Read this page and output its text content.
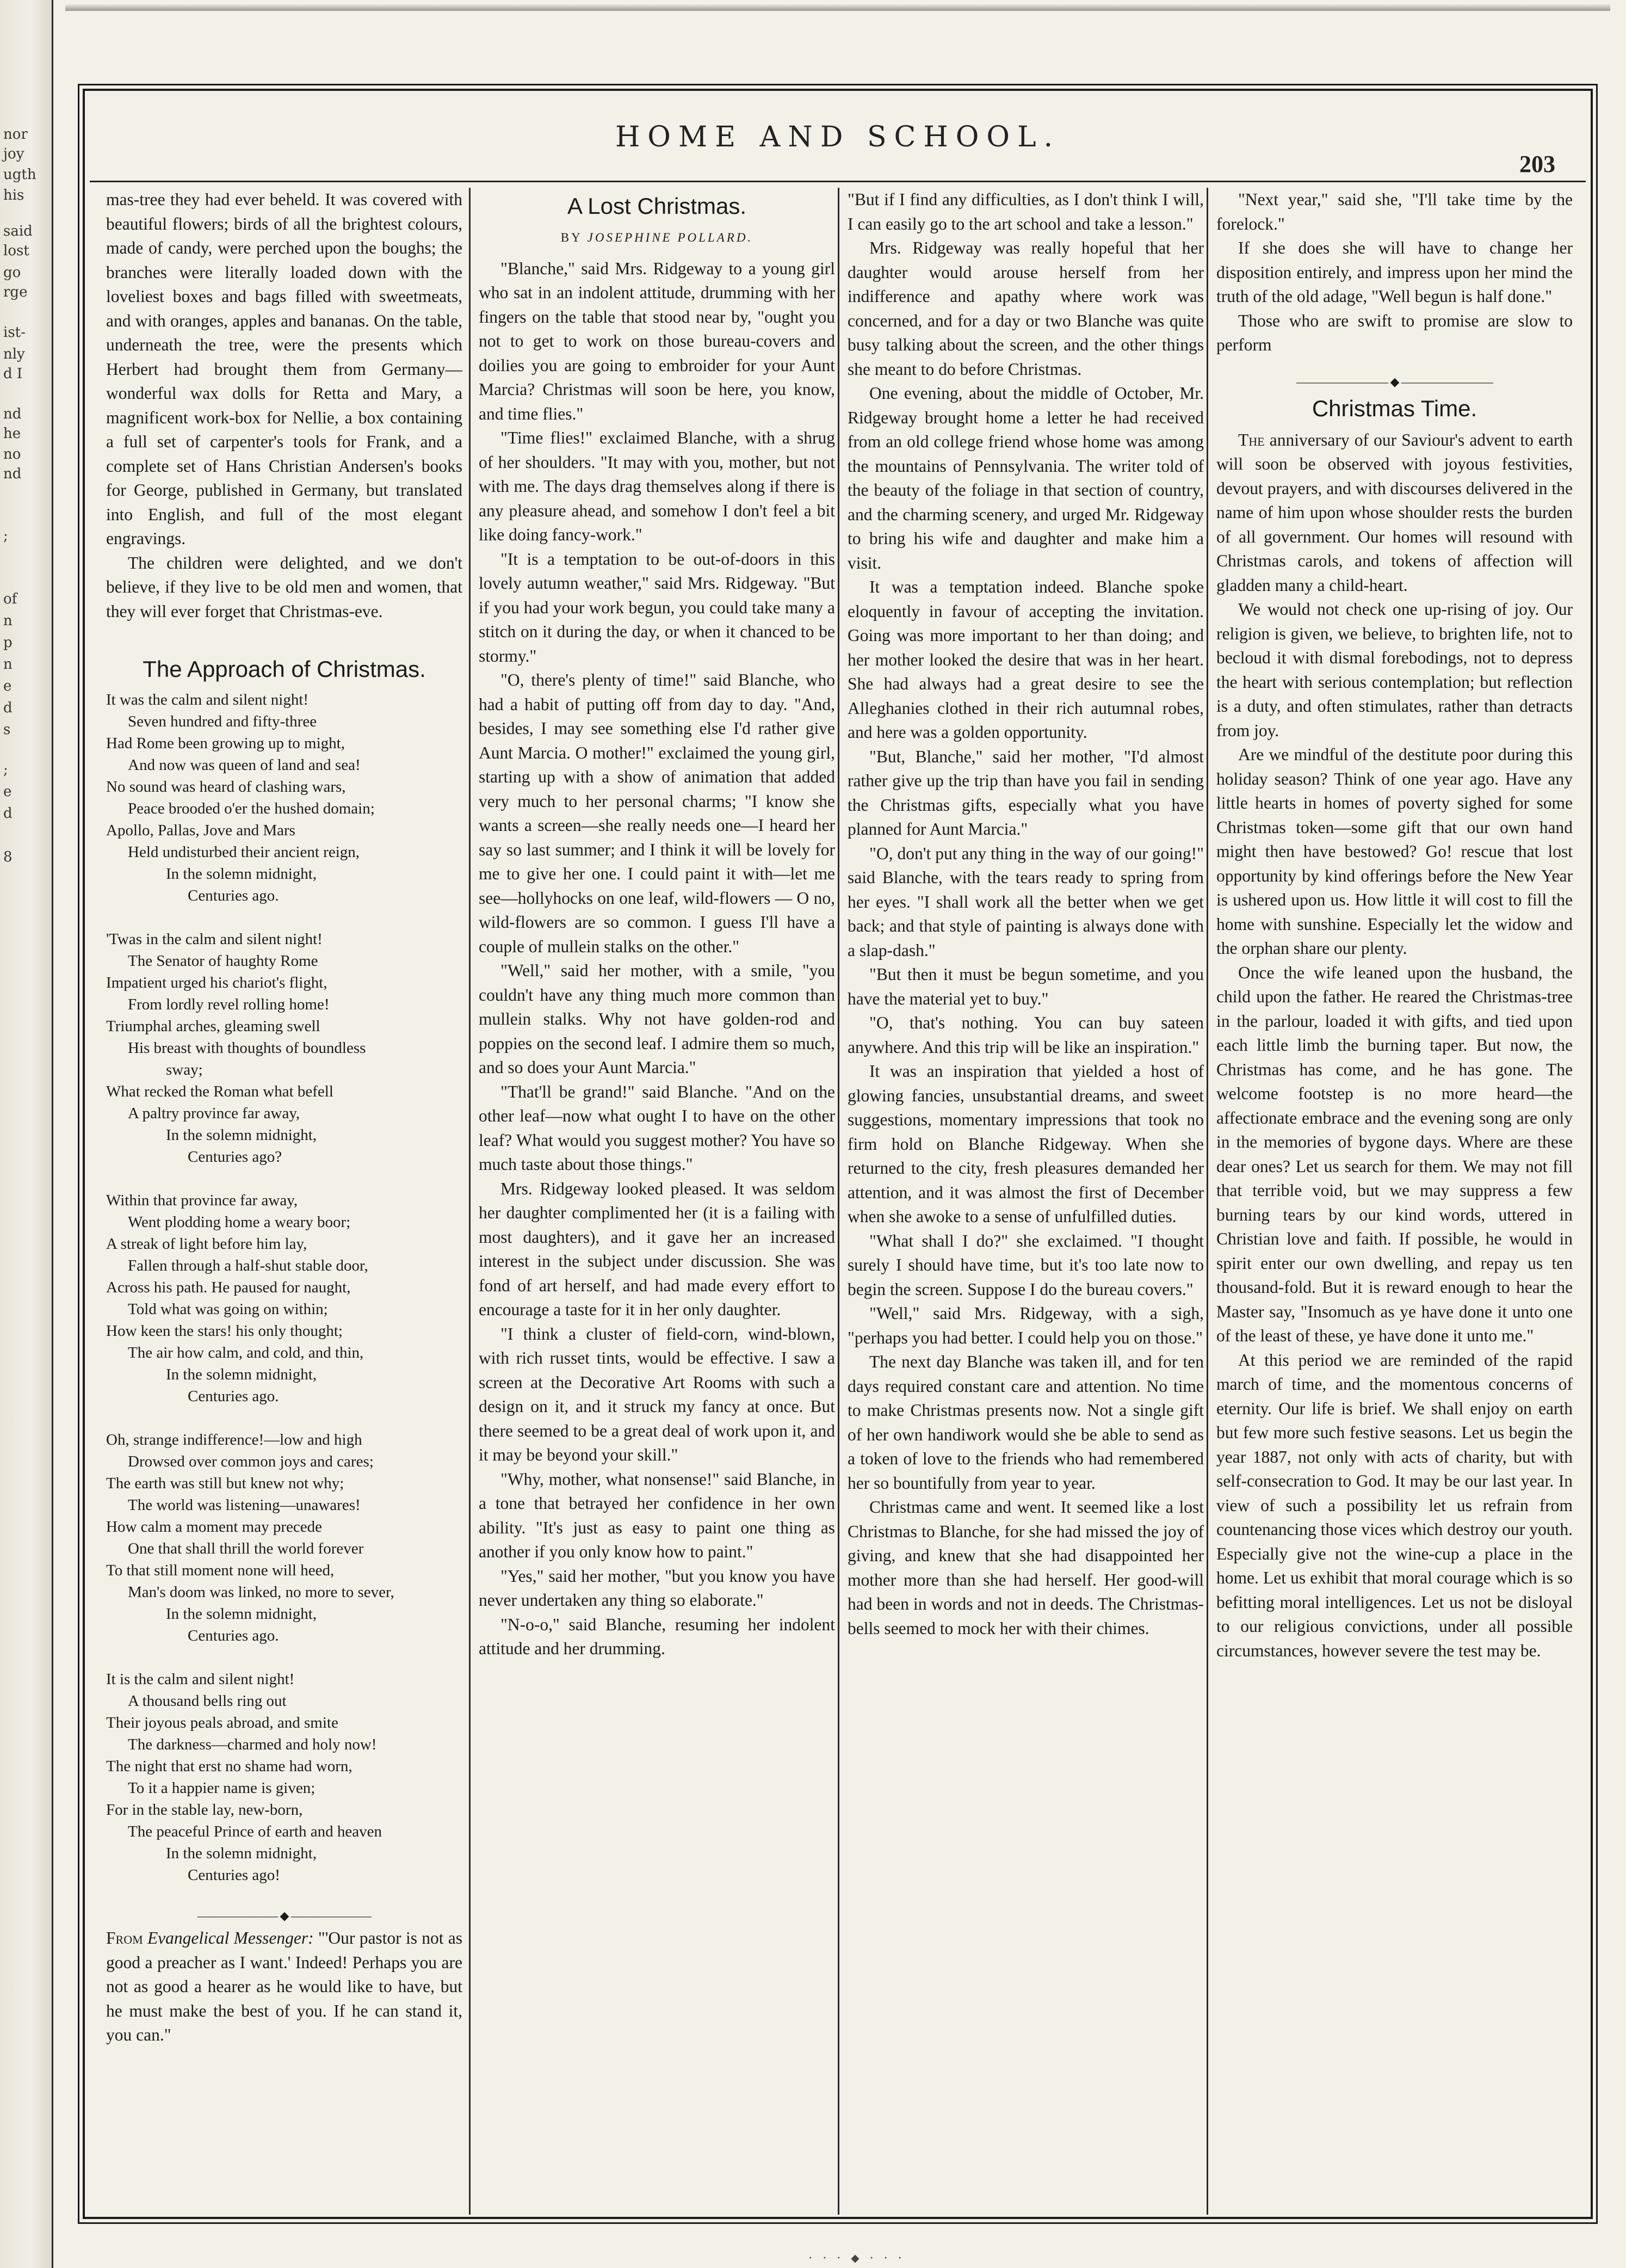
nor
joy
ugth
his
said
lost
go
rge
ist-
nly
d I
nd
he
no
nd
;
of
n
p
n
e
d
s
;
e
d
8
HOME AND SCHOOL.
203

mas-tree they had ever beheld. It was covered with beautiful flowers; birds of all the brightest colours, made of candy, were perched upon the boughs; the branches were literally loaded down with the loveliest boxes and bags filled with sweetmeats, and with oranges, apples and bananas. On the table, underneath the tree, were the presents which Herbert had brought them from Germany—wonderful wax dolls for Retta and Mary, a magnificent work-box for Nellie, a box containing a full set of carpenter's tools for Frank, and a complete set of Hans Christian Andersen's books for George, published in Germany, but translated into English, and full of the most elegant engravings.

The children were delighted, and we don't believe, if they live to be old men and women, that they will ever forget that Christmas-eve.

The Approach of Christmas.
It was the calm and silent night!
Seven hundred and fifty-three
Had Rome been growing up to might,
And now was queen of land and sea!
No sound was heard of clashing wars,
Peace brooded o'er the hushed domain;
Apollo, Pallas, Jove and Mars
Held undisturbed their ancient reign,
In the solemn midnight,
Centuries ago.
'Twas in the calm and silent night!
The Senator of haughty Rome
Impatient urged his chariot's flight,
From lordly revel rolling home!
Triumphal arches, gleaming swell
His breast with thoughts of boundless
sway;
What recked the Roman what befell
A paltry province far away,
In the solemn midnight,
Centuries ago?
Within that province far away,
Went plodding home a weary boor;
A streak of light before him lay,
Fallen through a half-shut stable door,
Across his path. He paused for naught,
Told what was going on within;
How keen the stars! his only thought;
The air how calm, and cold, and thin,
In the solemn midnight,
Centuries ago.
Oh, strange indifference!—low and high
Drowsed over common joys and cares;
The earth was still but knew not why;
The world was listening—unawares!
How calm a moment may precede
One that shall thrill the world forever
To that still moment none will heed,
Man's doom was linked, no more to sever,
In the solemn midnight,
Centuries ago.
It is the calm and silent night!
A thousand bells ring out
Their joyous peals abroad, and smite
The darkness—charmed and holy now!
The night that erst no shame had worn,
To it a happier name is given;
For in the stable lay, new-born,
The peaceful Prince of earth and heaven
In the solemn midnight,
Centuries ago!
——————— ◆ ———————

From Evangelical Messenger: "'Our pastor is not as good a preacher as I want.' Indeed! Perhaps you are not as good a hearer as he would like to have, but he must make the best of you. If he can stand it, you can."

A Lost Christmas.
BY JOSEPHINE POLLARD.

"Blanche," said Mrs. Ridgeway to a young girl who sat in an indolent attitude, drumming with her fingers on the table that stood near by, "ought you not to get to work on those bureau-covers and doilies you are going to embroider for your Aunt Marcia? Christmas will soon be here, you know, and time flies."

"Time flies!" exclaimed Blanche, with a shrug of her shoulders. "It may with you, mother, but not with me. The days drag themselves along if there is any pleasure ahead, and somehow I don't feel a bit like doing fancy-work."

"It is a temptation to be out-of-doors in this lovely autumn weather," said Mrs. Ridgeway. "But if you had your work begun, you could take many a stitch on it during the day, or when it chanced to be stormy."

"O, there's plenty of time!" said Blanche, who had a habit of putting off from day to day. "And, besides, I may see something else I'd rather give Aunt Marcia. O mother!" exclaimed the young girl, starting up with a show of animation that added very much to her personal charms; "I know she wants a screen—she really needs one—I heard her say so last summer; and I think it will be lovely for me to give her one. I could paint it with—let me see—hollyhocks on one leaf, wild-flowers — O no, wild-flowers are so common. I guess I'll have a couple of mullein stalks on the other."

"Well," said her mother, with a smile, "you couldn't have any thing much more common than mullein stalks. Why not have golden-rod and poppies on the second leaf. I admire them so much, and so does your Aunt Marcia."

"That'll be grand!" said Blanche. "And on the other leaf—now what ought I to have on the other leaf? What would you suggest mother? You have so much taste about those things."

Mrs. Ridgeway looked pleased. It was seldom her daughter complimented her (it is a failing with most daughters), and it gave her an increased interest in the subject under discussion. She was fond of art herself, and had made every effort to encourage a taste for it in her only daughter.

"I think a cluster of field-corn, wind-blown, with rich russet tints, would be effective. I saw a screen at the Decorative Art Rooms with such a design on it, and it struck my fancy at once. But there seemed to be a great deal of work upon it, and it may be beyond your skill."

"Why, mother, what nonsense!" said Blanche, in a tone that betrayed her confidence in her own ability. "It's just as easy to paint one thing as another if you only know how to paint."

"Yes," said her mother, "but you know you have never undertaken any thing so elaborate."

"N-o-o," said Blanche, resuming her indolent attitude and her drumming.

"But if I find any difficulties, as I don't think I will, I can easily go to the art school and take a lesson."

Mrs. Ridgeway was really hopeful that her daughter would arouse herself from her indifference and apathy where work was concerned, and for a day or two Blanche was quite busy talking about the screen, and the other things she meant to do before Christmas.

One evening, about the middle of October, Mr. Ridgeway brought home a letter he had received from an old college friend whose home was among the mountains of Pennsylvania. The writer told of the beauty of the foliage in that section of country, and the charming scenery, and urged Mr. Ridgeway to bring his wife and daughter and make him a visit.

It was a temptation indeed. Blanche spoke eloquently in favour of accepting the invitation. Going was more important to her than doing; and her mother looked the desire that was in her heart. She had always had a great desire to see the Alleghanies clothed in their rich autumnal robes, and here was a golden opportunity.

"But, Blanche," said her mother, "I'd almost rather give up the trip than have you fail in sending the Christmas gifts, especially what you have planned for Aunt Marcia."

"O, don't put any thing in the way of our going!" said Blanche, with the tears ready to spring from her eyes. "I shall work all the better when we get back; and that style of painting is always done with a slap-dash."

"But then it must be begun sometime, and you have the material yet to buy."

"O, that's nothing. You can buy sateen anywhere. And this trip will be like an inspiration."

It was an inspiration that yielded a host of glowing fancies, unsubstantial dreams, and sweet suggestions, momentary impressions that took no firm hold on Blanche Ridgeway. When she returned to the city, fresh pleasures demanded her attention, and it was almost the first of December when she awoke to a sense of unfulfilled duties.

"What shall I do?" she exclaimed. "I thought surely I should have time, but it's too late now to begin the screen. Suppose I do the bureau covers."

"Well," said Mrs. Ridgeway, with a sigh, "perhaps you had better. I could help you on those."

The next day Blanche was taken ill, and for ten days required constant care and attention. No time to make Christmas presents now. Not a single gift of her own handiwork would she be able to send as a token of love to the friends who had remembered her so bountifully from year to year.

Christmas came and went. It seemed like a lost Christmas to Blanche, for she had missed the joy of giving, and knew that she had disappointed her mother more than she had herself. Her good-will had been in words and not in deeds. The Christmas-bells seemed to mock her with their chimes.

"Next year," said she, "I'll take time by the forelock."

If she does she will have to change her disposition entirely, and impress upon her mind the truth of the old adage, "Well begun is half done."

Those who are swift to promise are slow to perform

———————— ◆ ————————
Christmas Time.

The anniversary of our Saviour's advent to earth will soon be observed with joyous festivities, devout prayers, and with discourses delivered in the name of him upon whose shoulder rests the burden of all government. Our homes will resound with Christmas carols, and tokens of affection will gladden many a child-heart.

We would not check one up-rising of joy. Our religion is given, we believe, to brighten life, not to becloud it with dismal forebodings, not to depress the heart with serious contemplation; but reflection is a duty, and often stimulates, rather than detracts from joy.

Are we mindful of the destitute poor during this holiday season? Think of one year ago. Have any little hearts in homes of poverty sighed for some Christmas token—some gift that our own hand might then have bestowed? Go! rescue that lost opportunity by kind offerings before the New Year is ushered upon us. How little it will cost to fill the home with sunshine. Especially let the widow and the orphan share our plenty.

Once the wife leaned upon the husband, the child upon the father. He reared the Christmas-tree in the parlour, loaded it with gifts, and tied upon each little limb the burning taper. But now, the Christmas has come, and he has gone. The welcome footstep is no more heard—the affectionate embrace and the evening song are only in the memories of bygone days. Where are these dear ones? Let us search for them. We may not fill that terrible void, but we may suppress a few burning tears by our kind words, uttered in Christian love and faith. If possible, he would in spirit enter our own dwelling, and repay us ten thousand-fold. But it is reward enough to hear the Master say, "Insomuch as ye have done it unto one of the least of these, ye have done it unto me."

At this period we are reminded of the rapid march of time, and the momentous concerns of eternity. Our life is brief. We shall enjoy on earth but few more such festive seasons. Let us begin the year 1887, not only with acts of charity, but with self-consecration to God. It may be our last year. In view of such a possibility let us refrain from countenancing those vices which destroy our youth. Especially give not the wine-cup a place in the home. Let us exhibit that moral courage which is so befitting moral intelligences. Let us not be disloyal to our religious convictions, under all possible circumstances, however severe the test may be.

· · · ⬥ · · ·
